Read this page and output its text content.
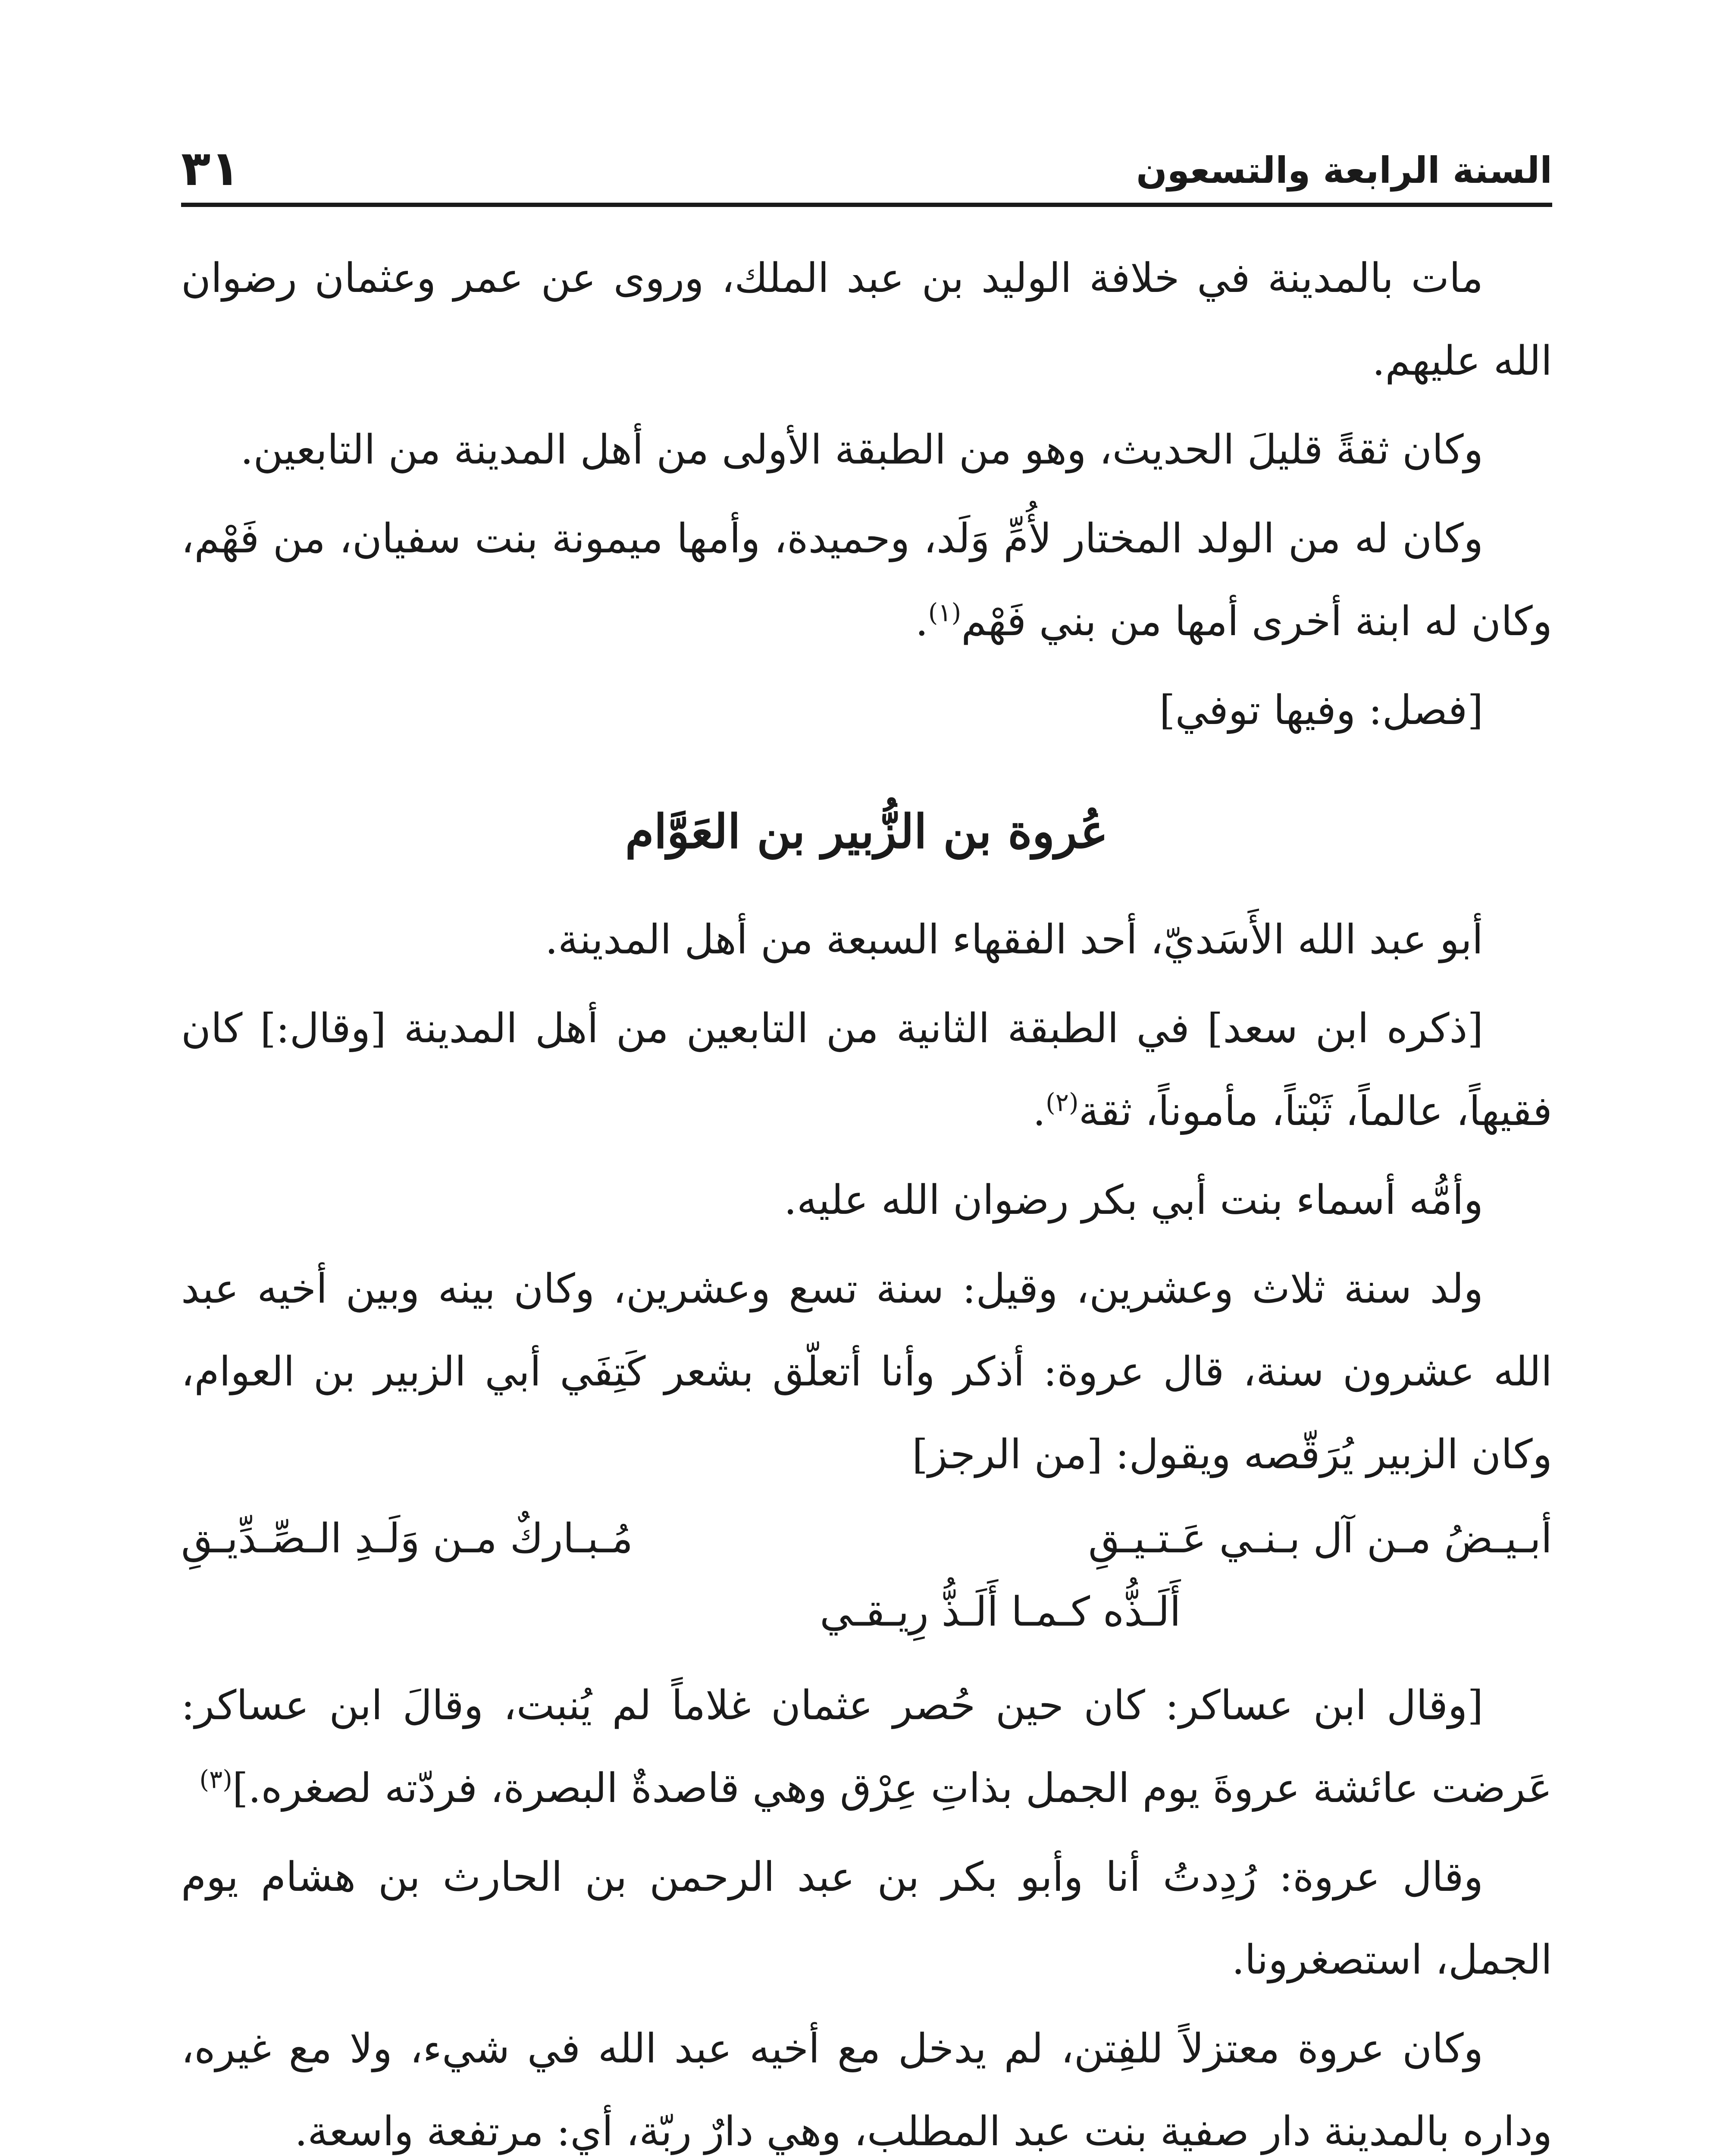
السنة الرابعة والتسعون
٣١

مات بالمدينة في خلافة الوليد بن عبد الملك، وروى عن عمر وعثمان رضوان الله عليهم.

وكان ثقةً قليلَ الحديث، وهو من الطبقة الأولى من أهل المدينة من التابعين.

وكان له من الولد المختار لأُمِّ وَلَد، وحميدة، وأمها ميمونة بنت سفيان، من فَهْم، وكان له ابنة أخرى أمها من بني فَهْم$^{(١)}$.

[فصل: وفيها توفي]

عُروة بن الزُّبير بن العَوَّام

أبو عبد الله الأَسَديّ، أحد الفقهاء السبعة من أهل المدينة.

[ذكره ابن سعد] في الطبقة الثانية من التابعين من أهل المدينة [وقال:] كان فقيهاً، عالماً، ثَبْتاً، مأموناً، ثقة$^{(٢)}$.

وأمُّه أسماء بنت أبي بكر رضوان الله عليه.

ولد سنة ثلاث وعشرين، وقيل: سنة تسع وعشرين، وكان بينه وبين أخيه عبد الله عشرون سنة، قال عروة: أذكر وأنا أتعلّق بشعر كَتِفَي أبي الزبير بن العوام، وكان الزبير يُرَقّصه ويقول: [من الرجز]

أبـيـضُ مـن آل بـنـي عَـتـيـقِ
مُـبـاركٌ مـن وَلَـدِ الـصِّـدِّيـقِ
أَلَـذُّه كـمـا أَلَـذُّ رِيـقـي

[وقال ابن عساكر: كان حين حُصر عثمان غلاماً لم يُنبت، وقالَ ابن عساكر: عَرضت عائشة عروةَ يوم الجمل بذاتِ عِرْق وهي قاصدةٌ البصرة، فردّته لصغره.]$^{(٣)}$

وقال عروة: رُدِدتُ أنا وأبو بكر بن عبد الرحمن بن الحارث بن هشام يوم الجمل، استصغرونا.

وكان عروة معتزلاً للفِتن، لم يدخل مع أخيه عبد الله في شيء، ولا مع غيره، وداره بالمدينة دار صفية بنت عبد المطلب، وهي دارٌ ربّة، أي: مرتفعة واسعة.
